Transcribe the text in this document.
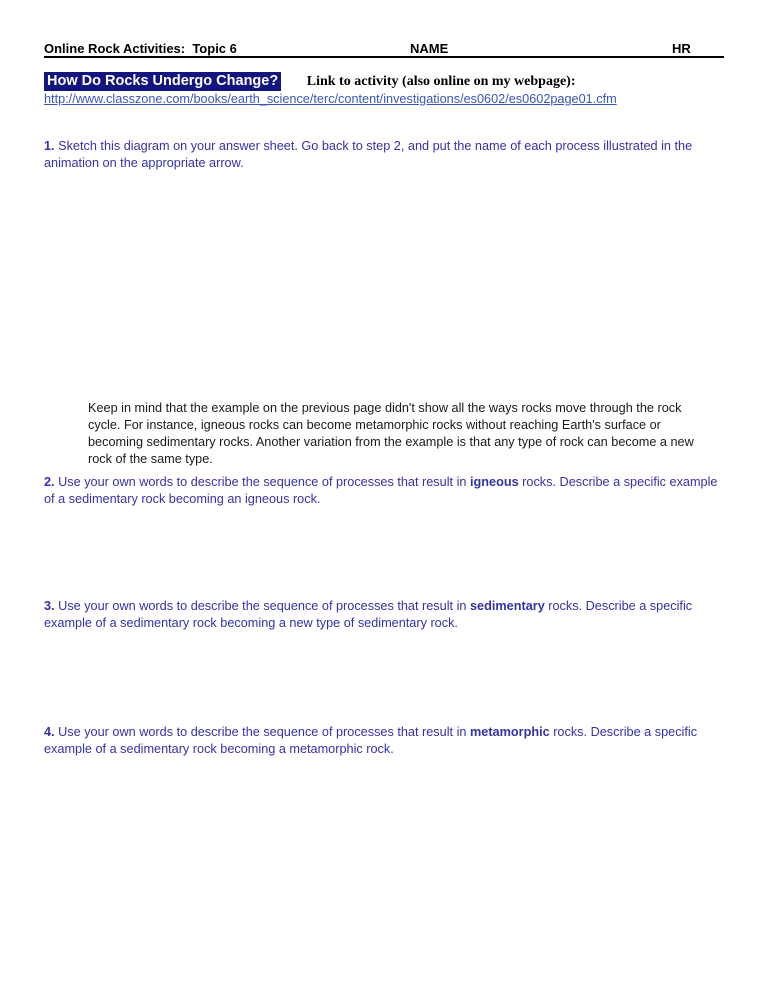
Online Rock Activities:  Topic 6	NAME	HR
How Do Rocks Undergo Change? Link to activity (also online on my webpage):
http://www.classzone.com/books/earth_science/terc/content/investigations/es0602/es0602page01.cfm

1. Sketch this diagram on your answer sheet. Go back to step 2, and put the name of each process illustrated in the animation on the appropriate arrow.

Keep in mind that the example on the previous page didn't show all the ways rocks move through the rock cycle. For instance, igneous rocks can become metamorphic rocks without reaching Earth's surface or becoming sedimentary rocks. Another variation from the example is that any type of rock can become a new rock of the same type.

2. Use your own words to describe the sequence of processes that result in igneous rocks. Describe a specific example of a sedimentary rock becoming an igneous rock.

3. Use your own words to describe the sequence of processes that result in sedimentary rocks. Describe a specific example of a sedimentary rock becoming a new type of sedimentary rock.

4. Use your own words to describe the sequence of processes that result in metamorphic rocks. Describe a specific example of a sedimentary rock becoming a metamorphic rock.
